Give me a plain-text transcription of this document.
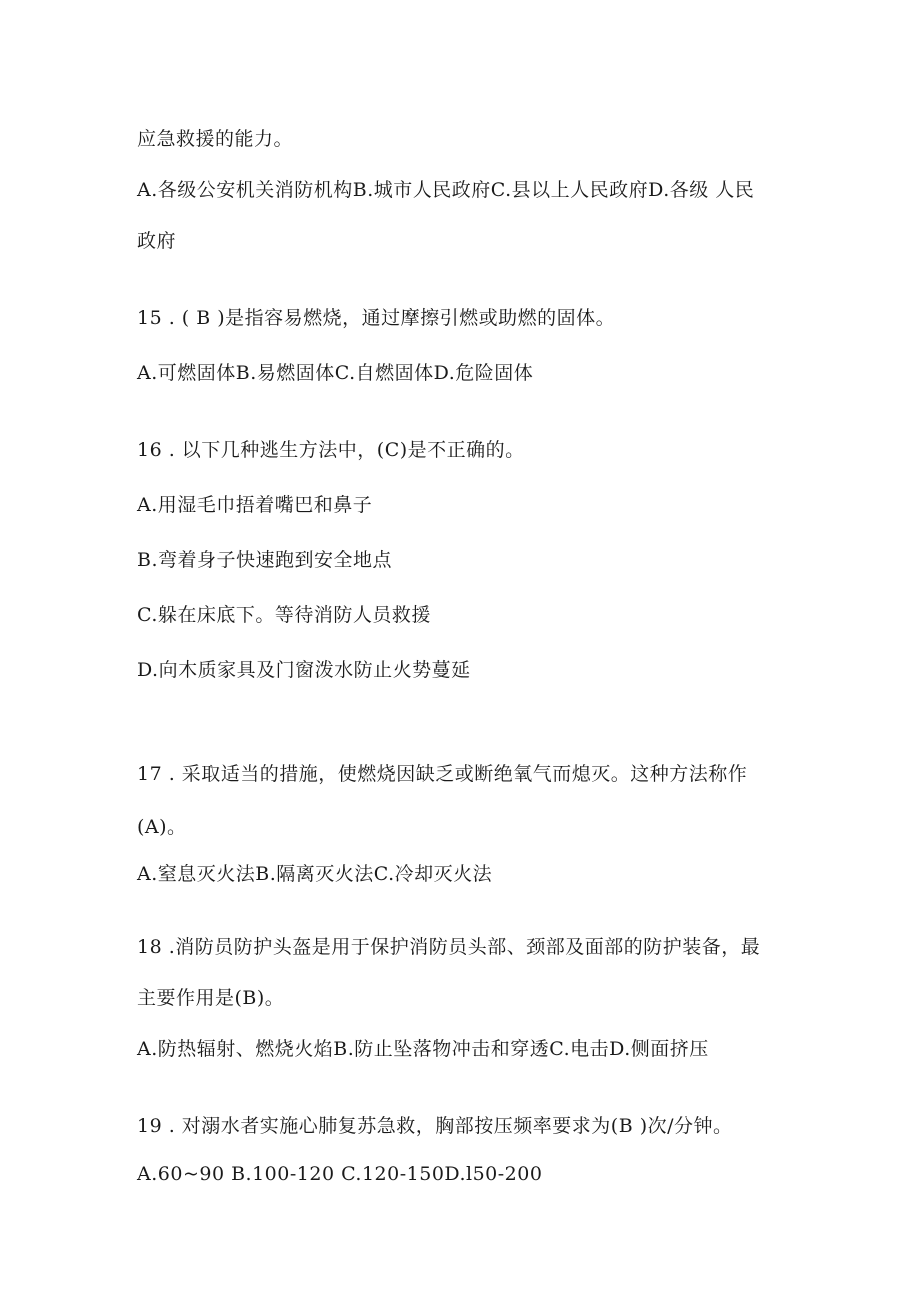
应急救援的能力。
A.各级公安机关消防机构B.城市人民政府C.县以上人民政府D.各级 人民
政府
15 . ( B )是指容易燃烧，通过摩擦引燃或助燃的固体。
A.可燃固体B.易燃固体C.自燃固体D.危险固体
16 . 以下几种逃生方法中，(C)是不正确的。
A.用湿毛巾捂着嘴巴和鼻子
B.弯着身子快速跑到安全地点
C.躲在床底下。等待消防人员救援
D.向木质家具及门窗泼水防止火势蔓延
17 . 采取适当的措施，使燃烧因缺乏或断绝氧气而熄灭。这种方法称作
(A)。
A.窒息灭火法B.隔离灭火法C.冷却灭火法
18 .消防员防护头盔是用于保护消防员头部、颈部及面部的防护装备，最
主要作用是(B)。
A.防热辐射、燃烧火焰B.防止坠落物冲击和穿透C.电击D.侧面挤压
19 . 对溺水者实施心肺复苏急救，胸部按压频率要求为(B )次/分钟。
A.60~90 B.100-120 C.120-150D.l50-200
